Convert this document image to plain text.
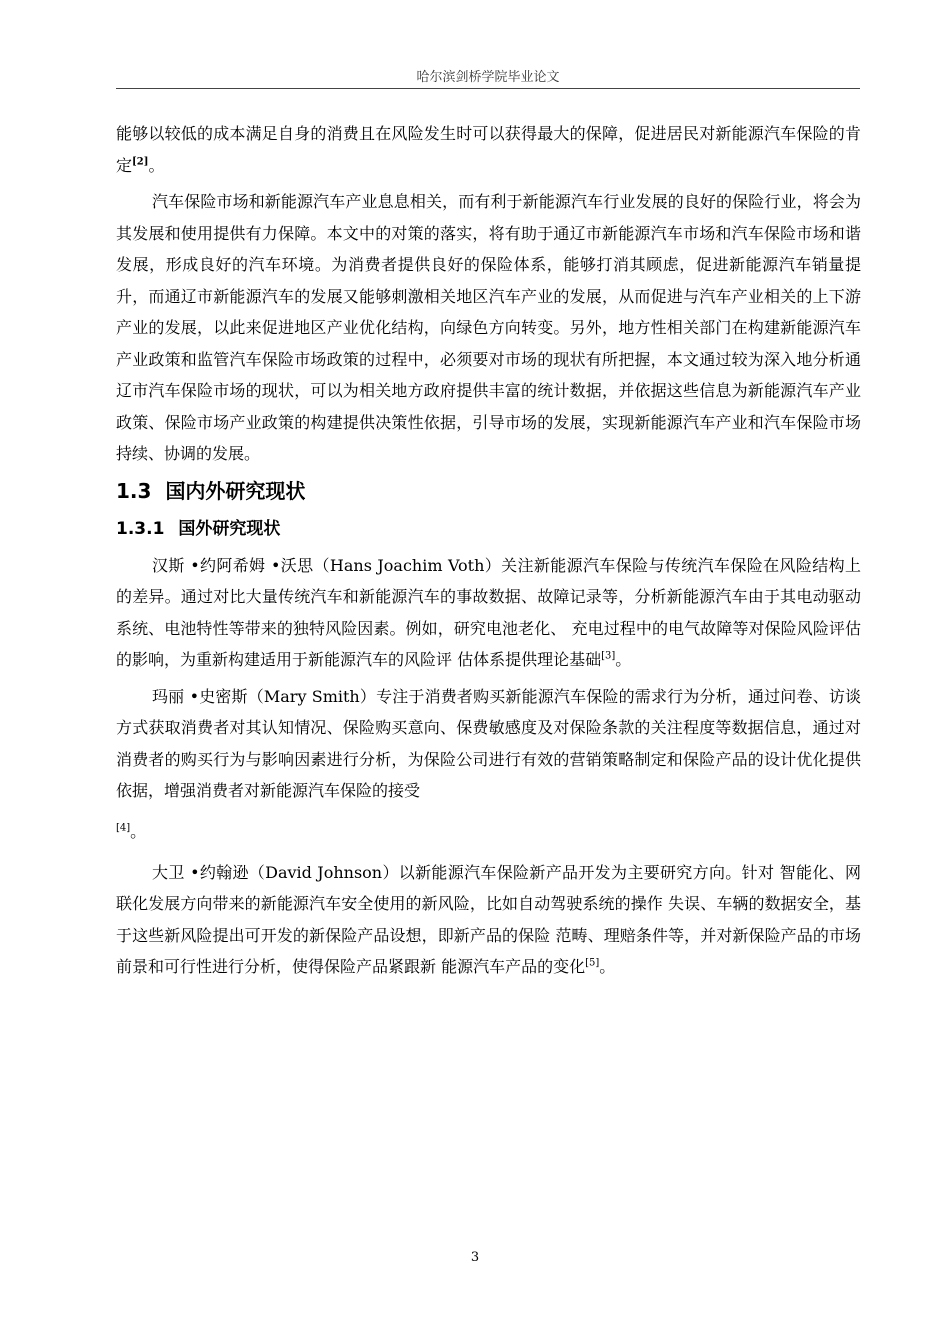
哈尔滨剑桥学院毕业论文

能够以较低的成本满足自身的消费且在风险发生时可以获得最大的保障，促进居民对新能源汽车保险的肯定[2]。

汽车保险市场和新能源汽车产业息息相关，而有利于新能源汽车行业发展的良好的保险行业，将会为其发展和使用提供有力保障。本文中的对策的落实，将有助于通辽市新能源汽车市场和汽车保险市场和谐发展，形成良好的汽车环境。为消费者提供良好的保险体系，能够打消其顾虑，促进新能源汽车销量提升，而通辽市新能源汽车的发展又能够刺激相关地区汽车产业的发展，从而促进与汽车产业相关的上下游产业的发展，以此来促进地区产业优化结构，向绿色方向转变。另外，地方性相关部门在构建新能源汽车产业政策和监管汽车保险市场政策的过程中，必须要对市场的现状有所把握，本文通过较为深入地分析通辽市汽车保险市场的现状，可以为相关地方政府提供丰富的统计数据，并依据这些信息为新能源汽车产业政策、保险市场产业政策的构建提供决策性依据，引导市场的发展，实现新能源汽车产业和汽车保险市场持续、协调的发展。

1.3 国内外研究现状
1.3.1 国外研究现状

汉斯 •约阿希姆 •沃思（Hans Joachim Voth）关注新能源汽车保险与传统汽车保险在风险结构上的差异。通过对比大量传统汽车和新能源汽车的事故数据、故障记录等，分析新能源汽车由于其电动驱动系统、电池特性等带来的独特风险因素。例如，研究电池老化、 充电过程中的电气故障等对保险风险评估的影响，为重新构建适用于新能源汽车的风险评 估体系提供理论基础[3]。

玛丽 •史密斯（Mary Smith）专注于消费者购买新能源汽车保险的需求行为分析，通过问卷、访谈方式获取消费者对其认知情况、保险购买意向、保费敏感度及对保险条款的关注程度等数据信息，通过对消费者的购买行为与影响因素进行分析，为保险公司进行有效的营销策略制定和保险产品的设计优化提供依据，增强消费者对新能源汽车保险的接受

[4]。

大卫 •约翰逊（David Johnson）以新能源汽车保险新产品开发为主要研究方向。针对 智能化、网联化发展方向带来的新能源汽车安全使用的新风险，比如自动驾驶系统的操作 失误、车辆的数据安全，基于这些新风险提出可开发的新保险产品设想，即新产品的保险 范畴、理赔条件等，并对新保险产品的市场前景和可行性进行分析，使得保险产品紧跟新 能源汽车产品的变化[5]。

3
